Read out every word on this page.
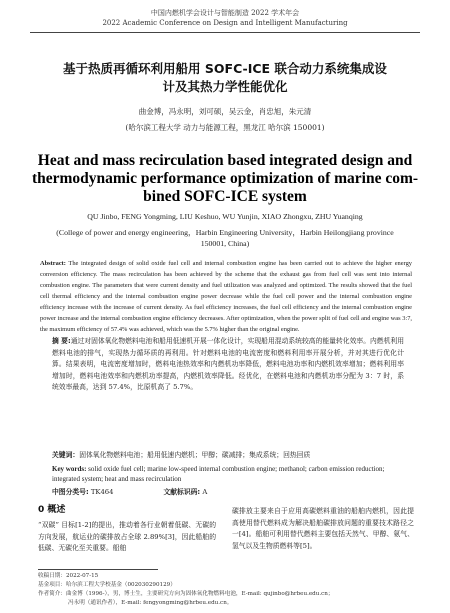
中国内燃机学会设计与智能制造 2022 学术年会
2022 Academic Conference on Design and Intelligent Manufacturing
基于热质再循环利用船用 SOFC-ICE 联合动力系统集成设
计及其热力学性能优化
曲金博，冯永明，刘可硕，吴云金，肖忠旭，朱元清
(哈尔滨工程大学 动力与能源工程，黑龙江 哈尔滨 150001)
Heat and mass recirculation based integrated design and
thermodynamic performance optimization of marine com-
bined SOFC-ICE system
QU Jinbo, FENG Yongming, LIU Keshuo, WU Yunjin, XIAO Zhongxu, ZHU Yuanqing
(College of power and energy engineering，Harbin Engineering University，Harbin Heilongjiang province
150001, China)
Abstract: The integrated design of solid oxide fuel cell and internal combustion engine has been carried out to achieve the higher energy conversion efficiency. The mass recirculation has been achieved by the scheme that the exhaust gas from fuel cell was sent into internal combustion engine. The parameters that were current density and fuel utilization was analyzed and optimized. The results showed that the fuel cell thermal efficiency and the internal combustion engine power decrease while the fuel cell power and the internal combustion engine efficiency increase with the increase of current density. As fuel efficiency increases, the fuel cell efficiency and the internal combustion engine power increase and the internal combustion engine efficiency decreases. After optimization, when the power split of fuel cell and engine was 3:7, the maximum efficiency of 57.4% was achieved, which was the 5.7% higher than the original engine.
摘 要:通过对固体氧化物燃料电池和船用低速机开展一体化设计，实现船用混动系统较高的能量转化效率。内燃机利用燃料电池的排气，实现热力循环质的再利用。针对燃料电池的电流密度和燃料利用率开展分析，并对其进行优化计算。结果表明，电流密度增加时，燃料电池热效率和内燃机功率降低，燃料电池功率和内燃机效率增加；燃料利用率增加时，燃料电池效率和内燃机功率提高，内燃机效率降低。经优化，在燃料电池和内燃机功率分配为 3：7 时，系统效率最高，达到 57.4%，比原机高了 5.7%。
关键词：固体氧化物燃料电池；船用低速内燃机；甲醇；碳减排；集成系统；回热回质
Key words: solid oxide fuel cell; marine low-speed internal combustion engine; methanol; carbon emission reduction; integrated system; heat and mass recirculation
中图分类号: TK464	文献标识码: A
0 概述
“双碳” 目标[1-2]的提出，推动着各行业朝着低碳、无碳的方向发展，航运业的碳排放占全球 2.89%[3]，因此船舶的低碳、无碳化至关重要。船舶
碳排放主要来自于应用高碳燃料重油的船舶内燃机，因此提高使用替代燃料成为解决船舶碳排放问题的重要技术路径之一[4]。船舶可利用替代燃料主要包括天然气、甲醇、氨气、氢气以及生物质燃料等[5]。
收稿日期：2022-07-15
基金项目：哈尔滨工程大学校基金（002030290129）
作者简介：曲金博（1996-），男，博士生，主要研究方向为固体氧化物燃料电池，E-mail: qujinbo@hrbeu.edu.cn；
冯永明（通讯作者），E-mail: fengyongming@hrbeu.edu.cn。
